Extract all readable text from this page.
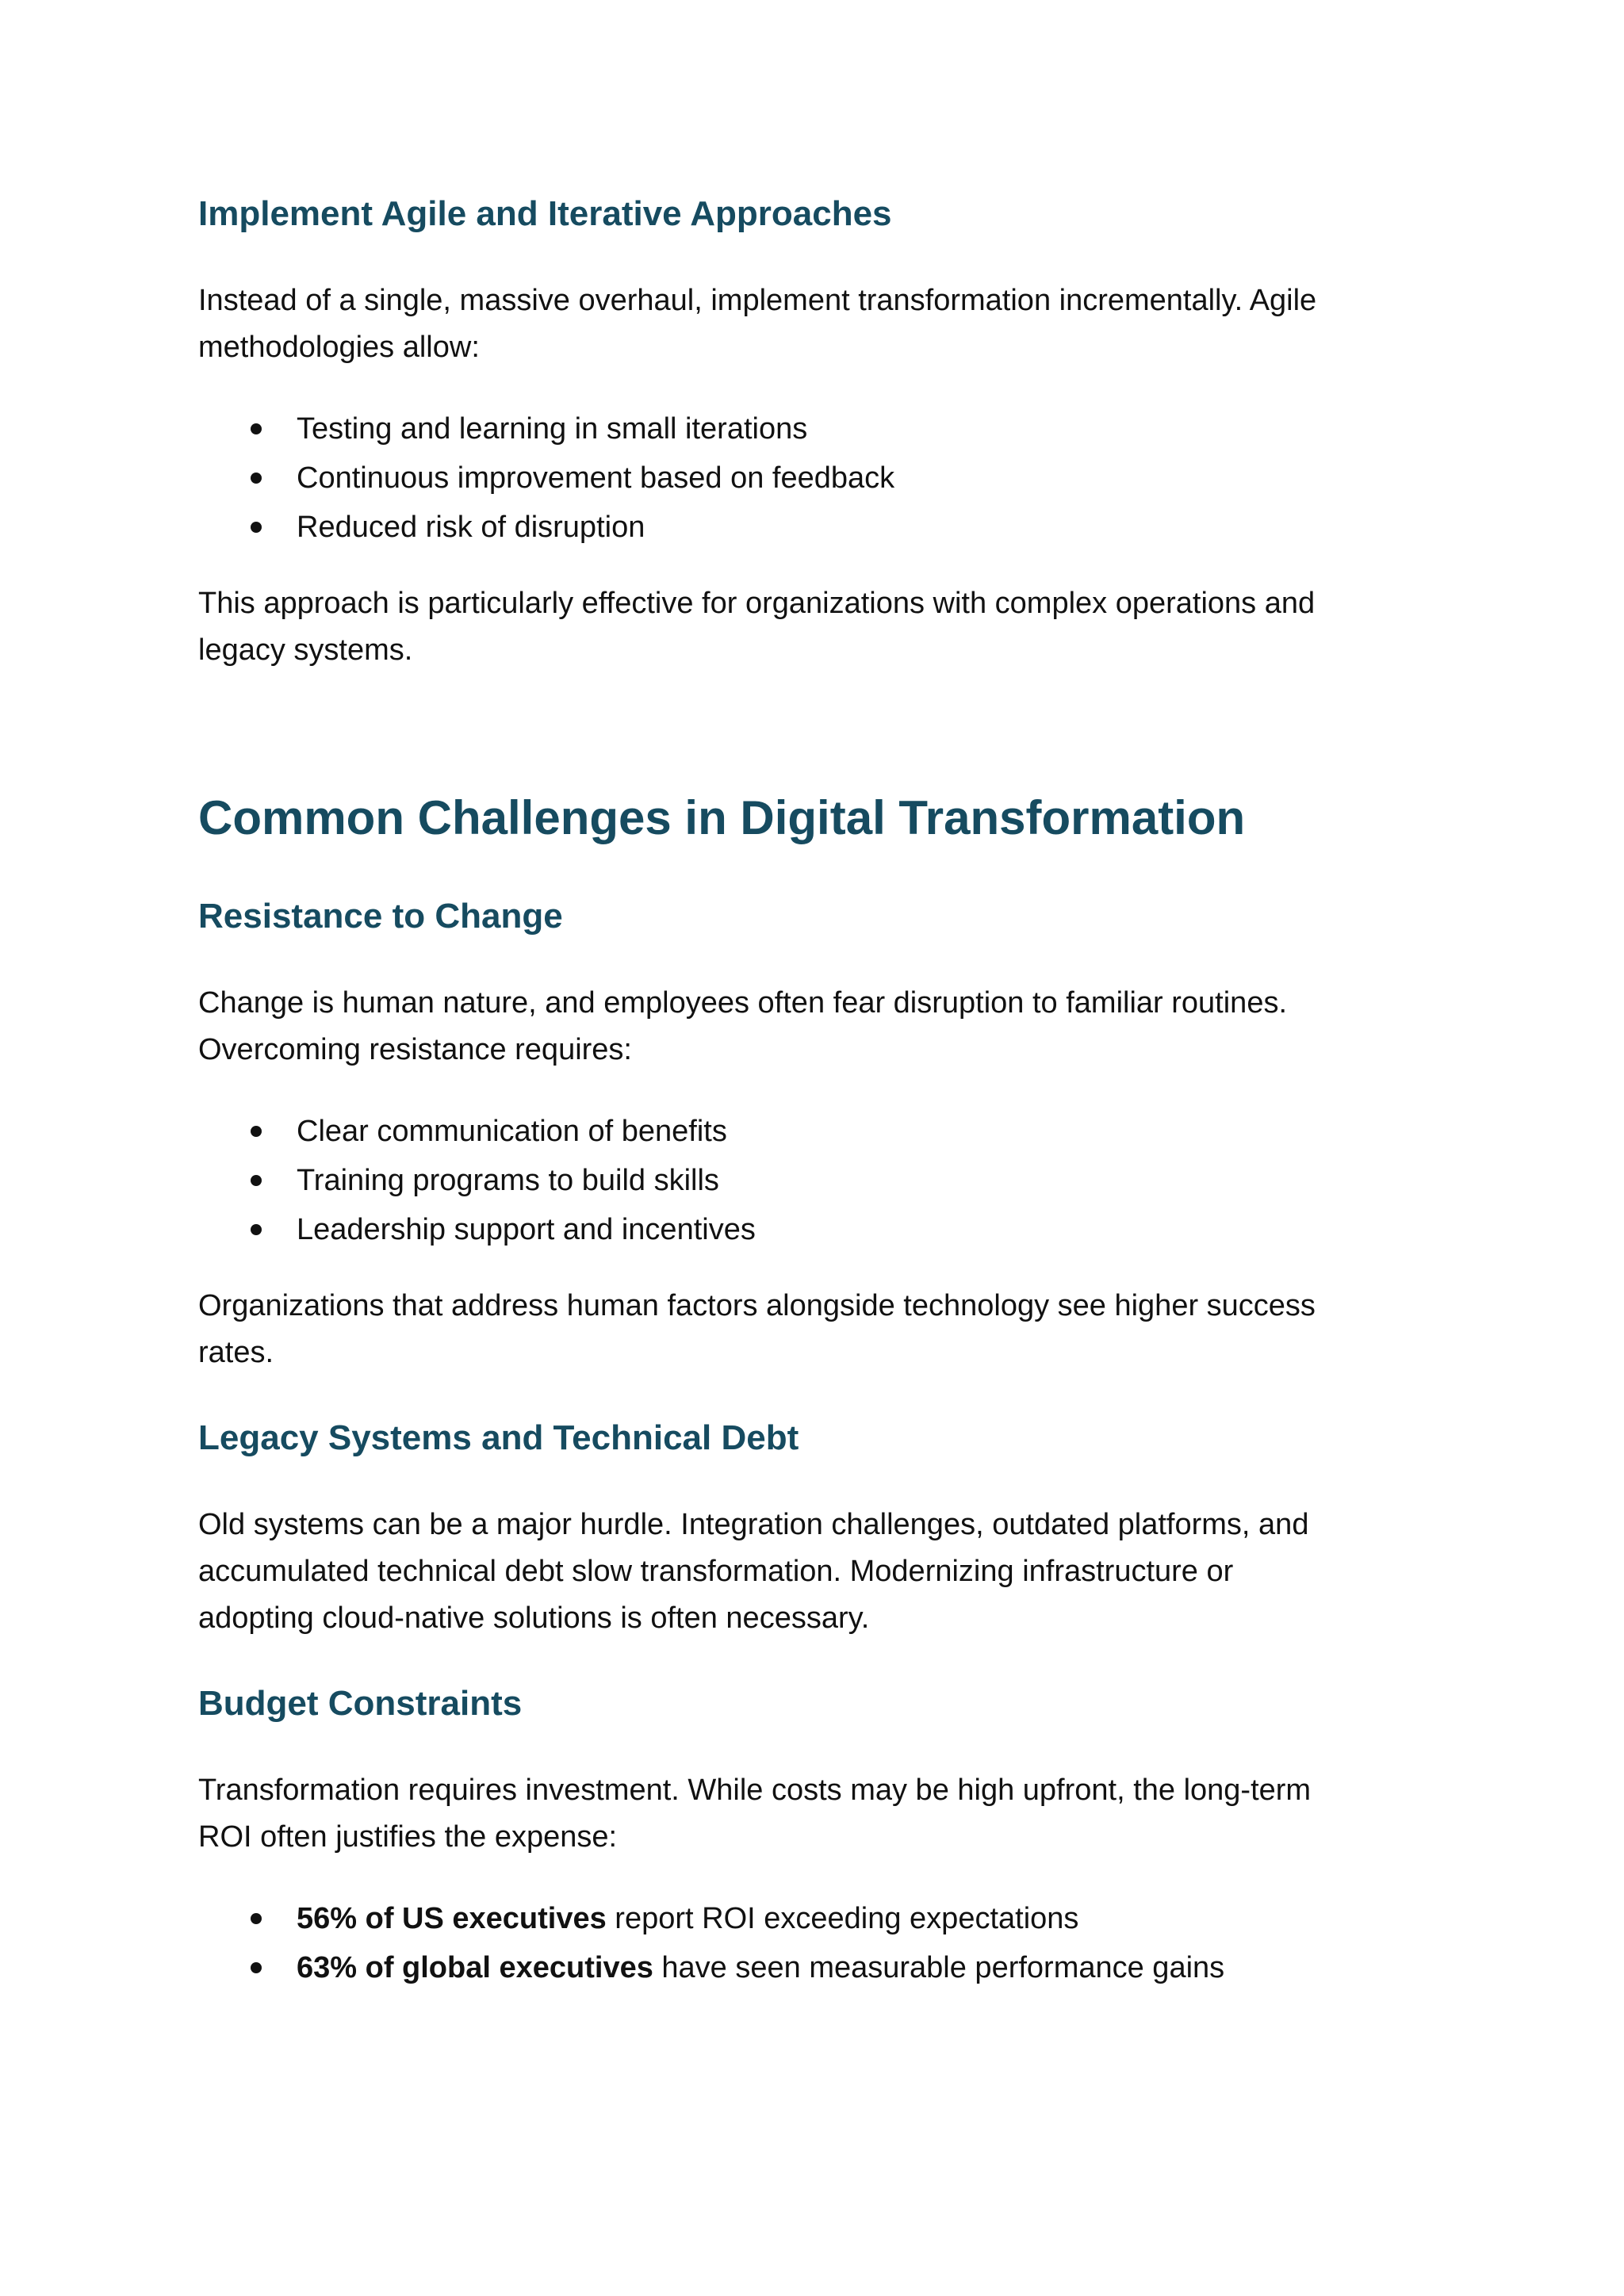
Implement Agile and Iterative Approaches

Instead of a single, massive overhaul, implement transformation incrementally. Agile
methodologies allow:

Testing and learning in small iterations
Continuous improvement based on feedback
Reduced risk of disruption

This approach is particularly effective for organizations with complex operations and
legacy systems.

Common Challenges in Digital Transformation
Resistance to Change

Change is human nature, and employees often fear disruption to familiar routines.
Overcoming resistance requires:

Clear communication of benefits
Training programs to build skills
Leadership support and incentives

Organizations that address human factors alongside technology see higher success
rates.

Legacy Systems and Technical Debt

Old systems can be a major hurdle. Integration challenges, outdated platforms, and
accumulated technical debt slow transformation. Modernizing infrastructure or
adopting cloud-native solutions is often necessary.

Budget Constraints

Transformation requires investment. While costs may be high upfront, the long-term
ROI often justifies the expense:

56% of US executives report ROI exceeding expectations
63% of global executives have seen measurable performance gains
